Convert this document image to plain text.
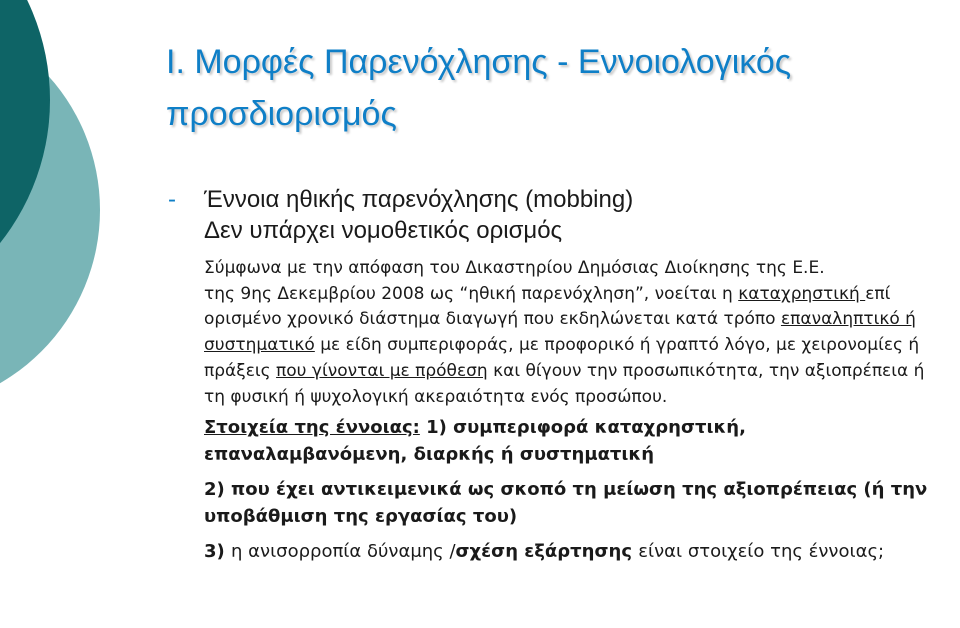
Ι. Μορφές Παρενόχλησης - Εννοιολογικός προσδιορισμός
-	Έννοια ηθικής παρενόχλησης (mobbing)
Δεν υπάρχει νομοθετικός ορισμός

Σύμφωνα με την απόφαση του Δικαστηρίου Δημόσιας Διοίκησης της Ε.Ε.

της 9ης Δεκεμβρίου 2008 ως “ηθική παρενόχληση”, νοείται η καταχρηστική επί ορισμένο χρονικό διάστημα διαγωγή που εκδηλώνεται κατά τρόπο επαναληπτικό ή συστηματικό με είδη συμπεριφοράς, με προφορικό ή γραπτό λόγο, με χειρονομίες ή πράξεις που γίνονται με πρόθεση και θίγουν την προσωπικότητα, την αξιοπρέπεια ή τη φυσική ή ψυχολογική ακεραιότητα ενός προσώπου.

Στοιχεία της έννοιας: 1) συμπεριφορά καταχρηστική, επαναλαμβανόμενη, διαρκής ή συστηματική

2) που έχει αντικειμενικά ως σκοπό τη μείωση της αξιοπρέπειας (ή την υποβάθμιση της εργασίας του)

3) η ανισορροπία δύναμης /σχέση εξάρτησης είναι στοιχείο της έννοιας;
